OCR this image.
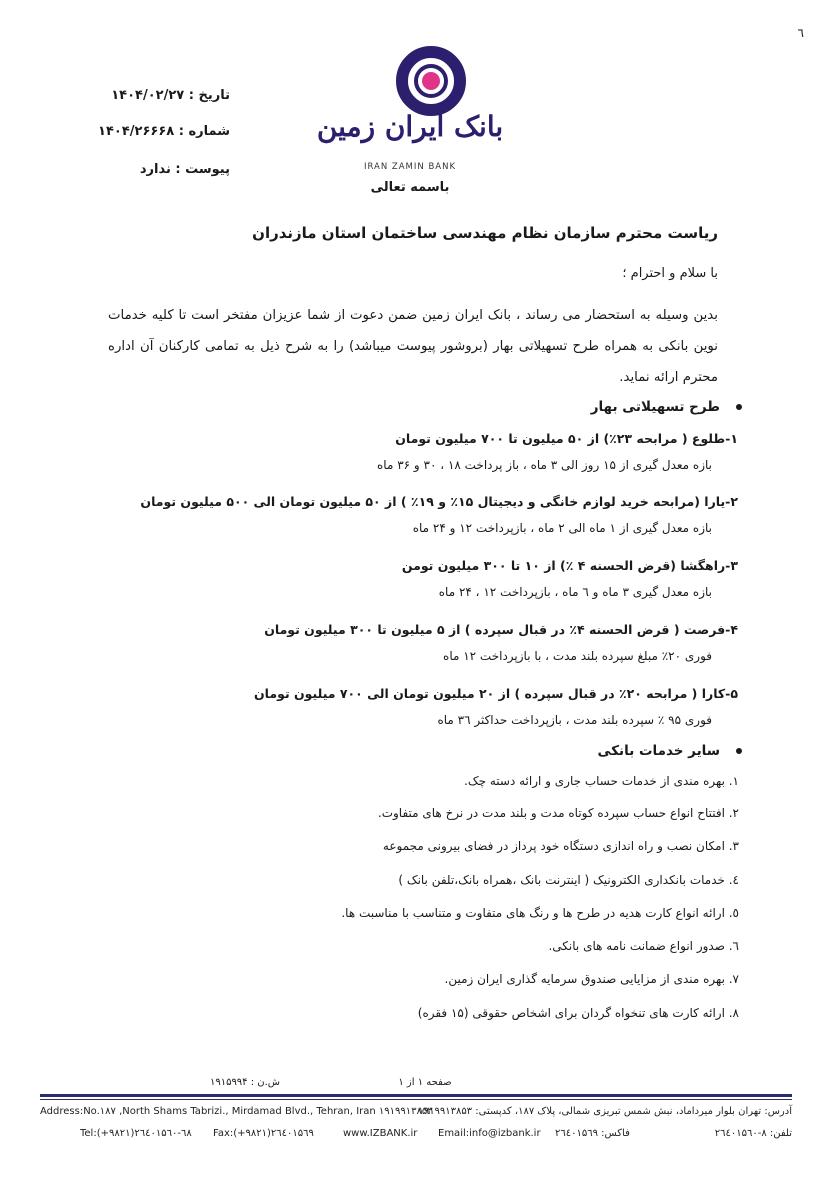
٦
تاریخ : ۱۴۰۴/۰۲/۲۷
شماره : ۱۴۰۴/۲۶۶۶۸
پیوست : ندارد
بانک ایران زمین
IRAN ZAMIN BANK
باسمه تعالی
ریاست محترم سازمان نظام مهندسی ساختمان استان مازندران
با سلام و احترام ؛
بدین وسیله به استحضار می رساند ، بانک ایران زمین ضمن دعوت از شما عزیزان مفتخر است تا کلیه خدمات نوین بانکی به همراه طرح تسهیلاتی بهار (بروشور پیوست میباشد) را به شرح ذیل به تمامی کارکنان آن اداره محترم ارائه نماید.
طرح تسهیلاتی بهار
۱-طلوع ( مرابحه ۲۳٪) از ۵۰ میلیون تا ۷۰۰ میلیون تومان
بازه معدل گیری از ۱۵ روز الی ۳ ماه ، باز پرداخت ۱۸ ، ۳۰ و ۳۶ ماه
۲-یارا (مرابحه خرید لوازم خانگی و دیجیتال ۱۵٪ و ۱۹٪ ) از ۵۰ میلیون تومان الی ۵۰۰ میلیون تومان
بازه معدل گیری از ۱ ماه الی ۲ ماه ، بازپرداخت ۱۲ و ۲۴ ماه
۳-راهگشا (قرض الحسنه ۴ ٪) از ۱۰ تا ۳۰۰ میلیون تومن
بازه معدل گیری ۳ ماه و ٦ ماه ، بازپرداخت ۱۲ ، ۲۴ ماه
۴-فرصت ( قرض الحسنه ۴٪ در قبال سپرده ) از ۵ میلیون تا ۳۰۰ میلیون تومان
فوری ۲۰٪ مبلغ سپرده بلند مدت ، با بازپرداخت ۱۲ ماه
۵-کارا ( مرابحه ۲۰٪ در قبال سپرده ) از ۲۰ میلیون تومان الی ۷۰۰ میلیون تومان
فوری ۹۵ ٪ سپرده بلند مدت ، بازپرداخت حداکثر ۳٦ ماه
سایر خدمات بانکی
۱. بهره مندی از خدمات حساب جاری و ارائه دسته چک.
۲. افتتاح انواع حساب سپرده کوتاه مدت و بلند مدت در نرخ های متفاوت.
۳. امکان نصب و راه اندازی دستگاه خود پرداز در فضای بیرونی مجموعه
٤. خدمات بانکداری الکترونیک ( اینترنت بانک ،همراه بانک،تلفن بانک )
٥. ارائه انواع کارت هدیه در طرح ها و رنگ های متفاوت و متناسب با مناسبت ها.
٦. صدور انواع ضمانت نامه های بانکی.
۷. بهره مندی از مزایایی صندوق سرمایه گذاری ایران زمین.
۸. ارائه کارت های تنخواه گردان برای اشخاص حقوقی (۱۵ فقره)
صفحه ۱ از ۱
ش.ن : ۱۹۱۵۹۹۴
Address:No.۱۸۷ ,North Shams Tabrizi., Mirdamad Blvd., Tehran, Iran ۱۹۱۹۹۱۳۸۵۳
آدرس: تهران بلوار میرداماد، نبش شمس تبریزی شمالی، پلاک ۱۸۷، کدپستی: ۱۹۱۹۹۱۳۸۵۳
Tel:(+۹۸۲۱)۲٦٤۰۱۵٦۰-٦۸ Fax:(+۹۸۲۱)۲٦٤۰۱۵٦۹	www.IZBANK.ir Email:info@izbank.ir فاکس: ۲٦٤۰۱۵٦۹	تلفن: ۸-۲٦٤۰۱۵٦۰
